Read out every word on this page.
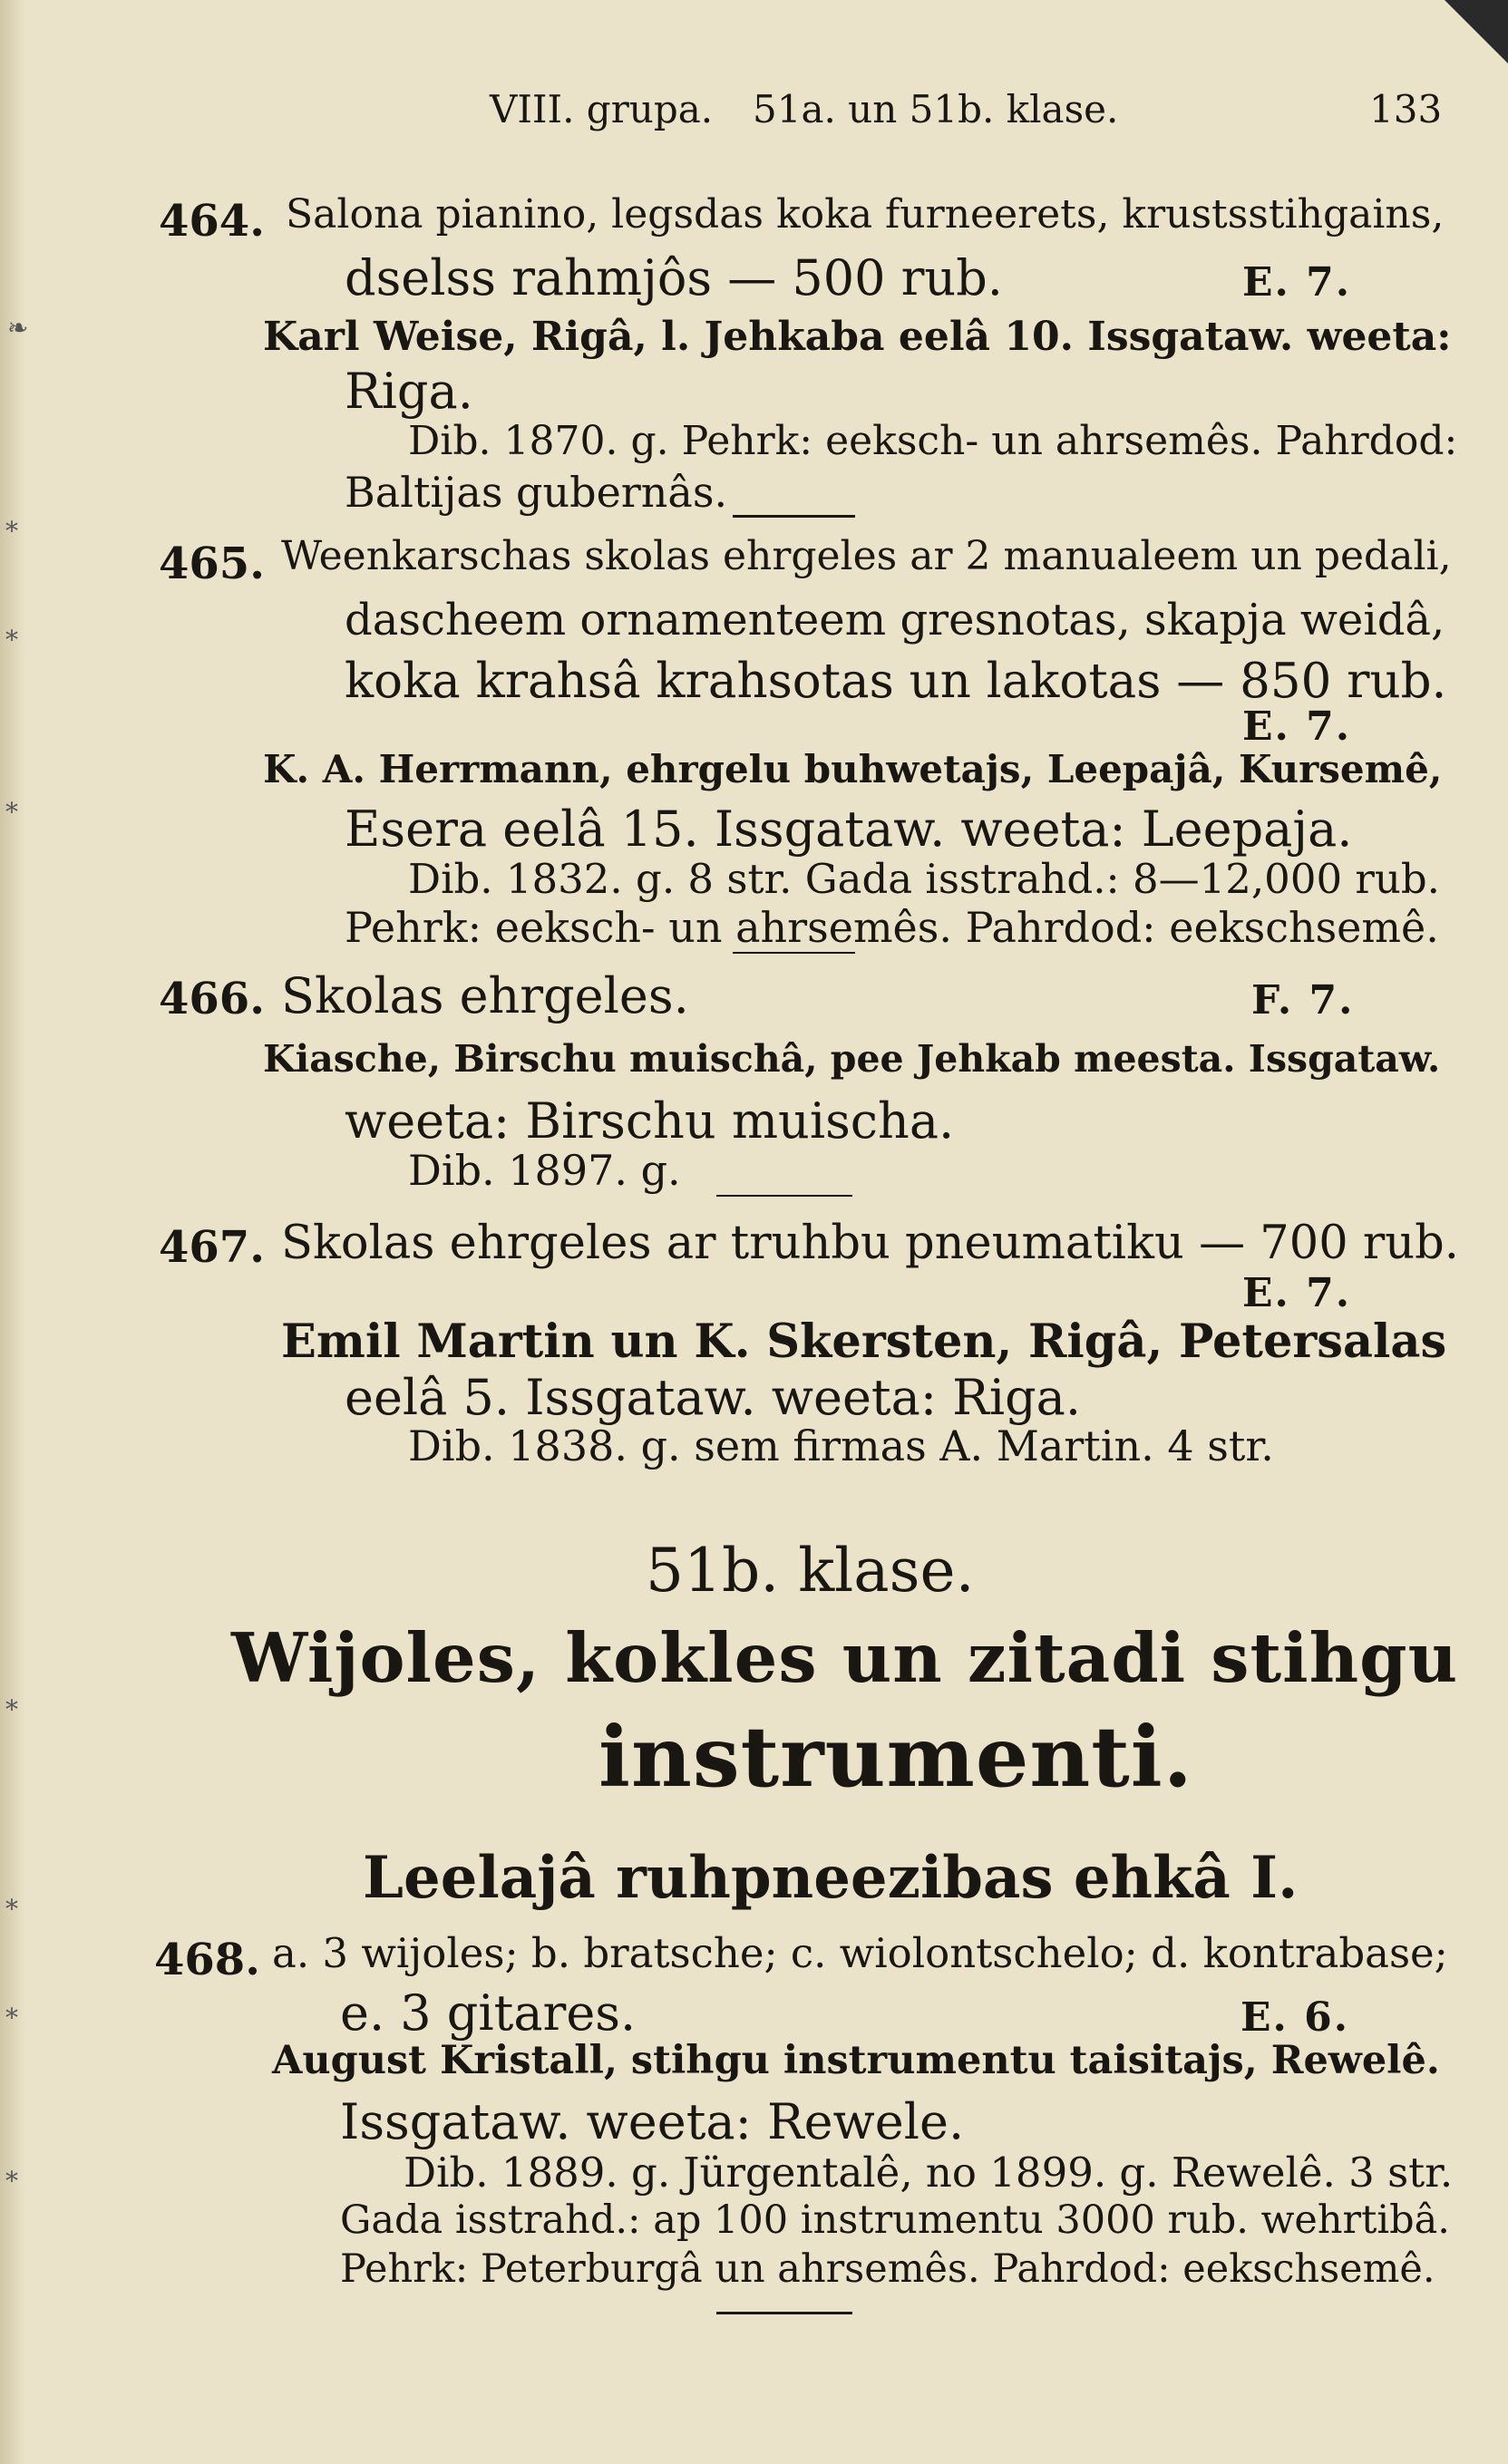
❧
⁎
⁎
⁎
⁎
⁎
⁎
⁎
VIII. grupa. 51a. un 51b. klase.	133
464. Salona pianino, legsdas koka furneerets, krustsstihgains,
dselss rahmjôs — 500 rub.	E. 7.
Karl Weise, Rigâ, l. Jehkaba eelâ 10. Issgataw. weeta:
Riga.
Dib. 1870. g. Pehrk: eeksch- un ahrsemês. Pahrdod:
Baltijas gubernâs.
465. Weenkarschas skolas ehrgeles ar 2 manualeem un pedali,
dascheem ornamenteem gresnotas, skapja weidâ,
koka krahsâ krahsotas un lakotas — 850 rub.
E. 7.
K. A. Herrmann, ehrgelu buhwetajs, Leepajâ, Kursemê,
Esera eelâ 15. Issgataw. weeta: Leepaja.
Dib. 1832. g. 8 str. Gada isstrahd.: 8—12,000 rub.
Pehrk: eeksch- un ahrsemês. Pahrdod: eekschsemê.
466. Skolas ehrgeles.	F. 7.
Kiasche, Birschu muischâ, pee Jehkab meesta. Issgataw.
weeta: Birschu muischa.
Dib. 1897. g.
467. Skolas ehrgeles ar truhbu pneumatiku — 700 rub.
E. 7.
Emil Martin un K. Skersten, Rigâ, Petersalas
eelâ 5. Issgataw. weeta: Riga.
Dib. 1838. g. sem firmas A. Martin. 4 str.
51b. klase.
Wijoles, kokles un zitadi stihgu
instrumenti.
Leelajâ ruhpneezibas ehkâ I.
468. a. 3 wijoles; b. bratsche; c. wiolontschelo; d. kontrabase;
e. 3 gitares.	E. 6.
August Kristall, stihgu instrumentu taisitajs, Rewelê.
Issgataw. weeta: Rewele.
Dib. 1889. g. Jürgentalê, no 1899. g. Rewelê. 3 str.
Gada isstrahd.: ap 100 instrumentu 3000 rub. wehrtibâ.
Pehrk: Peterburgâ un ahrsemês. Pahrdod: eekschsemê.
